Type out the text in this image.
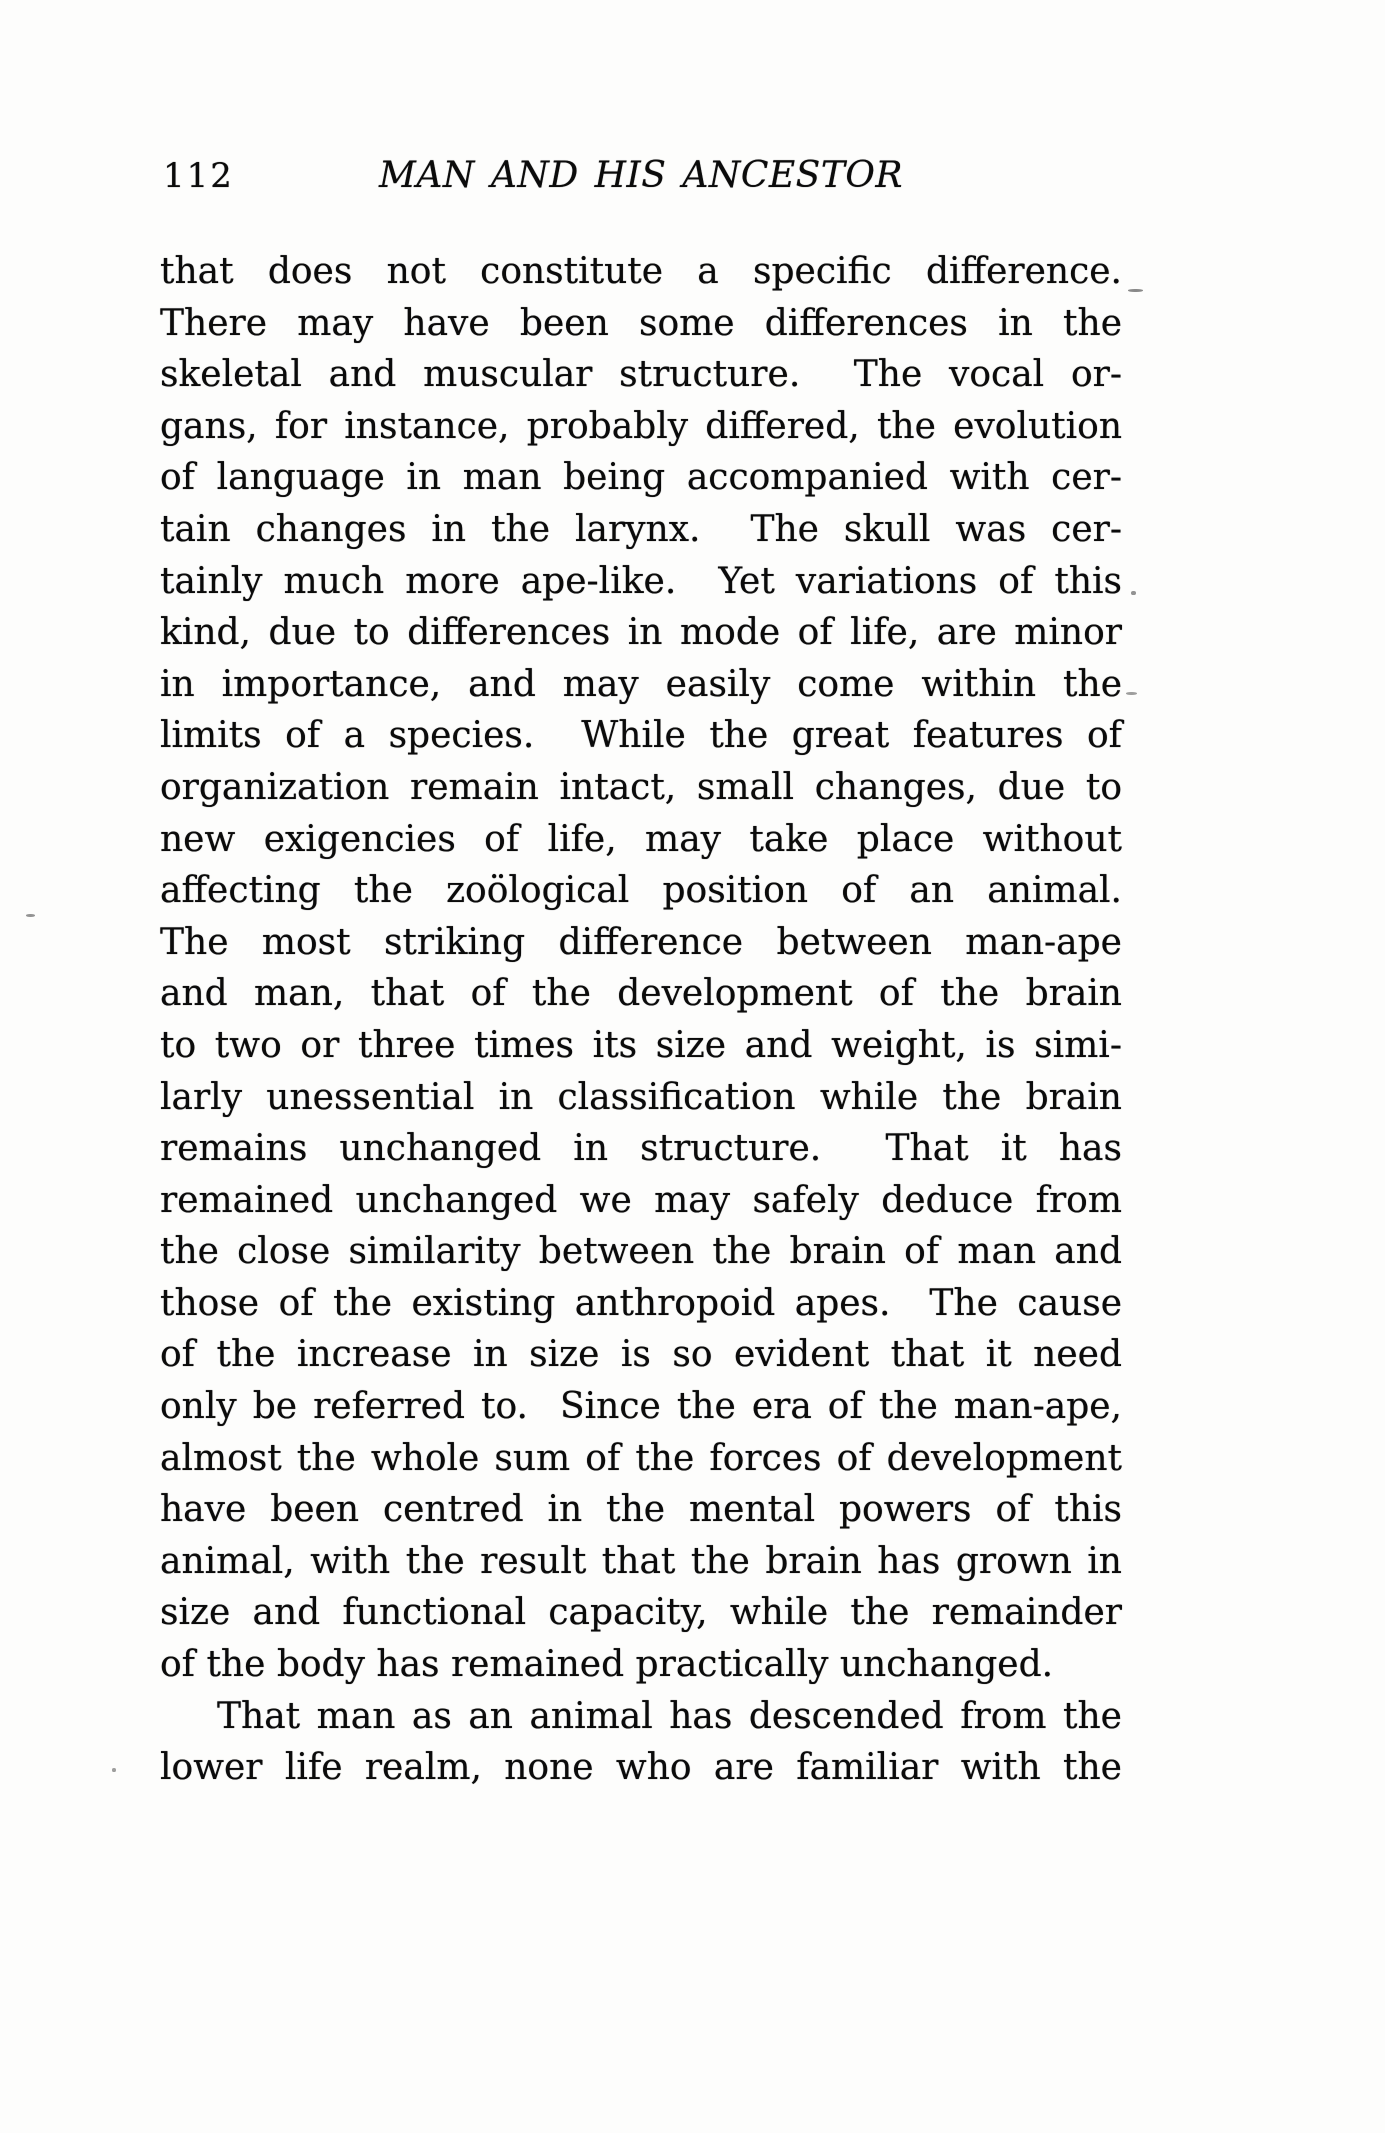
112	MAN AND HIS ANCESTOR
that does not constitute a specific difference.
There may have been some differences in the
skeletal and muscular structure.  The vocal or-
gans, for instance, probably differed, the evolution
of language in man being accompanied with cer-
tain changes in the larynx.  The skull was cer-
tainly much more ape-like.  Yet variations of this
kind, due to differences in mode of life, are minor
in importance, and may easily come within the
limits of a species.  While the great features of
organization remain intact, small changes, due to
new exigencies of life, may take place without
affecting the zoölogical position of an animal.
The most striking difference between man-ape
and man, that of the development of the brain
to two or three times its size and weight, is simi-
larly unessential in classification while the brain
remains unchanged in structure.  That it has
remained unchanged we may safely deduce from
the close similarity between the brain of man and
those of the existing anthropoid apes.  The cause
of the increase in size is so evident that it need
only be referred to.  Since the era of the man-ape,
almost the whole sum of the forces of development
have been centred in the mental powers of this
animal, with the result that the brain has grown in
size and functional capacity, while the remainder
of the body has remained practically unchanged.
That man as an animal has descended from the
lower life realm, none who are familiar with the
